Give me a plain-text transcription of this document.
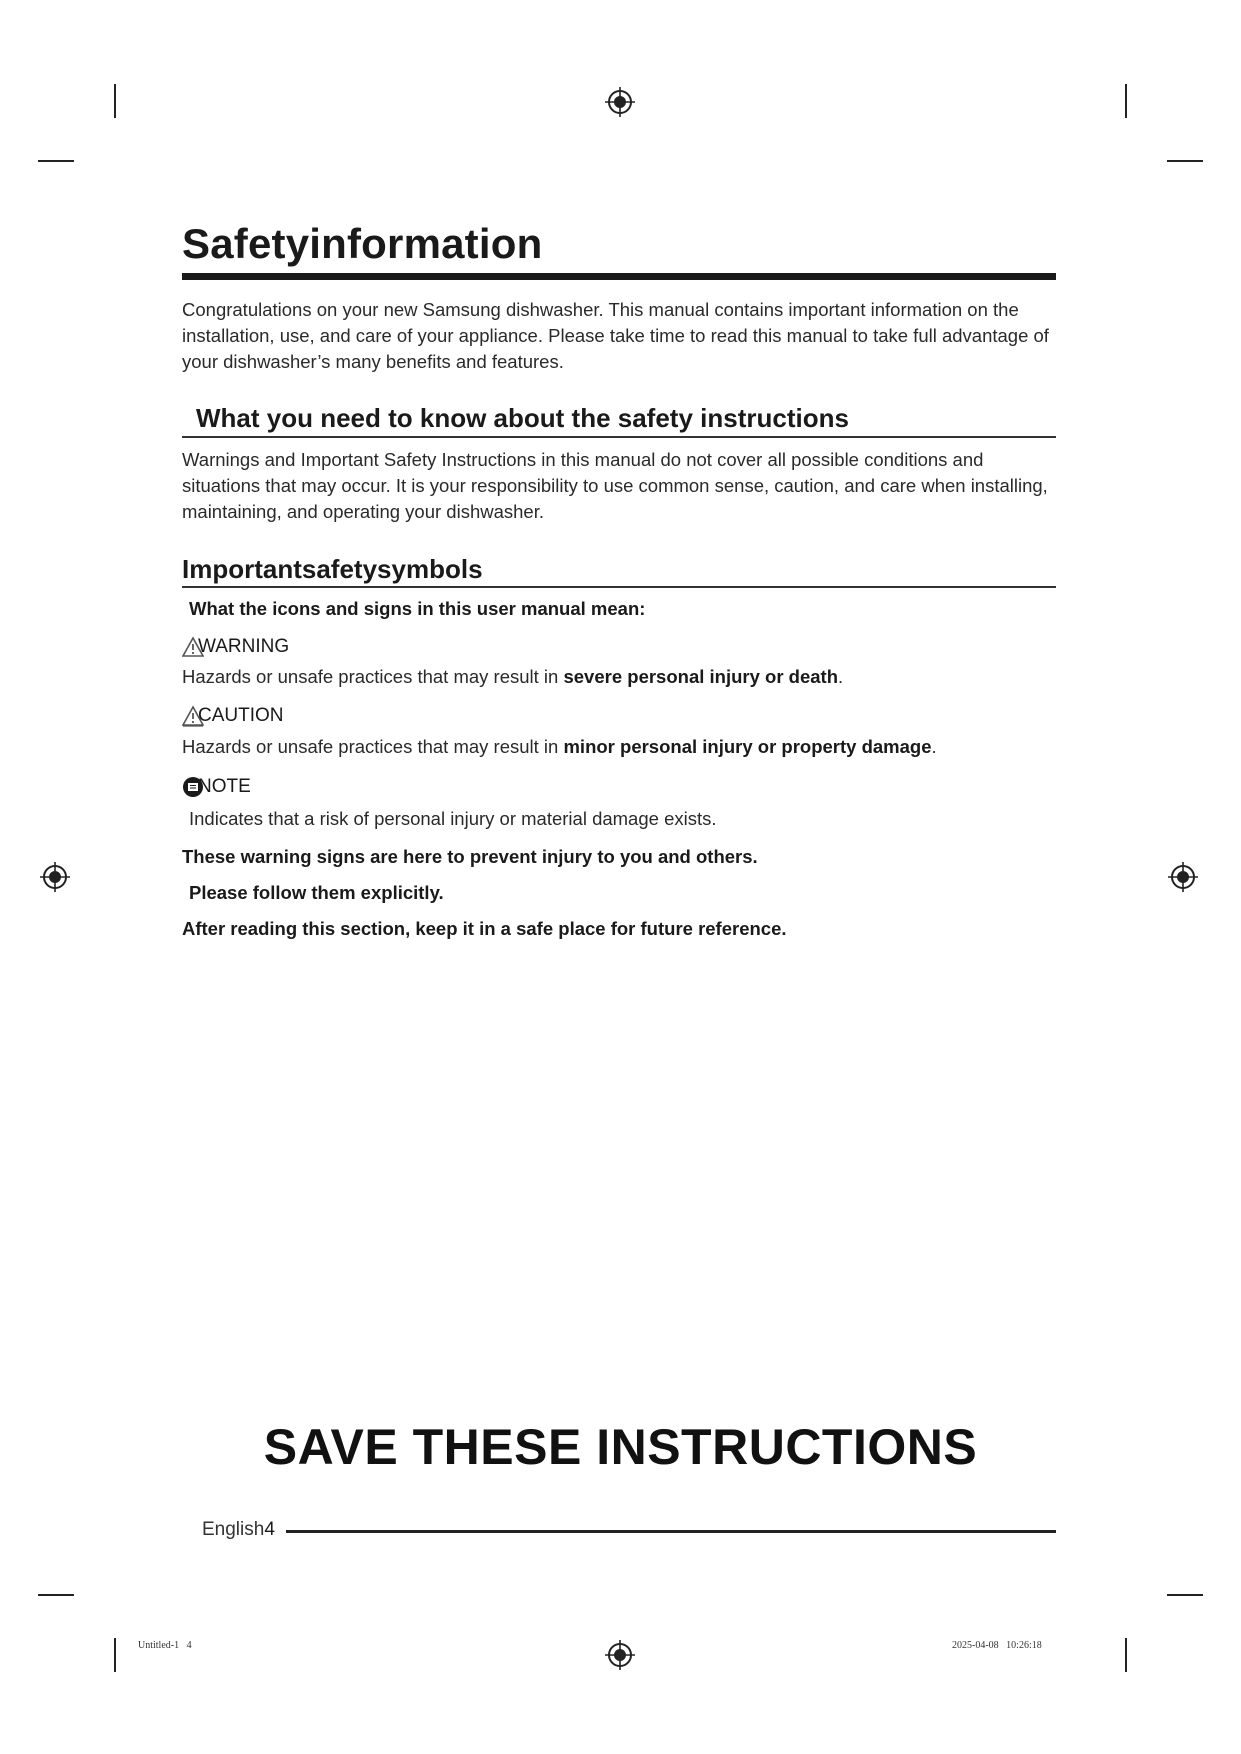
Safetyinformation

Congratulations on your new Samsung dishwasher. This manual contains important information on the installation, use, and care of your appliance. Please take time to read this manual to take full advantage of your dishwasher’s many benefits and features.

What you need to know about the safety instructions

Warnings and Important Safety Instructions in this manual do not cover all possible conditions and situations that may occur. It is your responsibility to use common sense, caution, and care when installing, maintaining, and operating your dishwasher.

Importantsafetysymbols

What the icons and signs in this user manual mean:

WARNING

Hazards or unsafe practices that may result in severe personal injury or death.

CAUTION

Hazards or unsafe practices that may result in minor personal injury or property damage.

NOTE

Indicates that a risk of personal injury or material damage exists.

These warning signs are here to prevent injury to you and others.

Please follow them explicitly.

After reading this section, keep it in a safe place for future reference.

SAVE THESE INSTRUCTIONS
English4
Untitled-1   4	2025-04-08   10:26:18
